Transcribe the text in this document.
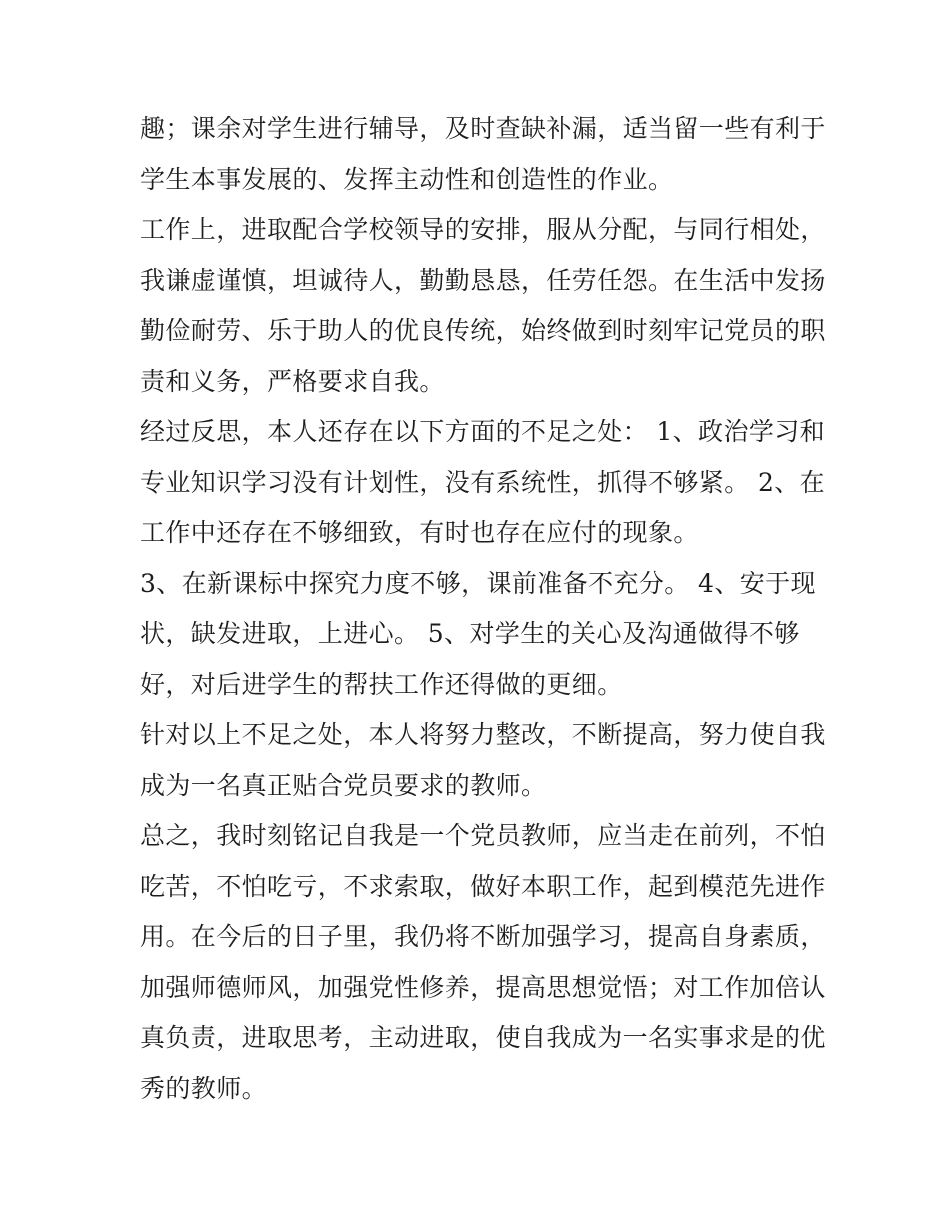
趣；课余对学生进行辅导，及时查缺补漏，适当留一些有利于
学生本事发展的、发挥主动性和创造性的作业。
工作上，进取配合学校领导的安排，服从分配，与同行相处，
我谦虚谨慎，坦诚待人，勤勤恳恳，任劳任怨。在生活中发扬
勤俭耐劳、乐于助人的优良传统，始终做到时刻牢记党员的职
责和义务，严格要求自我。
经过反思，本人还存在以下方面的不足之处： 1、政治学习和
专业知识学习没有计划性，没有系统性，抓得不够紧。 2、在
工作中还存在不够细致，有时也存在应付的现象。
3、在新课标中探究力度不够，课前准备不充分。 4、安于现
状，缺发进取，上进心。 5、对学生的关心及沟通做得不够
好，对后进学生的帮扶工作还得做的更细。
针对以上不足之处，本人将努力整改，不断提高，努力使自我
成为一名真正贴合党员要求的教师。
总之，我时刻铭记自我是一个党员教师，应当走在前列，不怕
吃苦，不怕吃亏，不求索取，做好本职工作，起到模范先进作
用。在今后的日子里，我仍将不断加强学习，提高自身素质，
加强师德师风，加强党性修养，提高思想觉悟；对工作加倍认
真负责，进取思考，主动进取，使自我成为一名实事求是的优
秀的教师。
